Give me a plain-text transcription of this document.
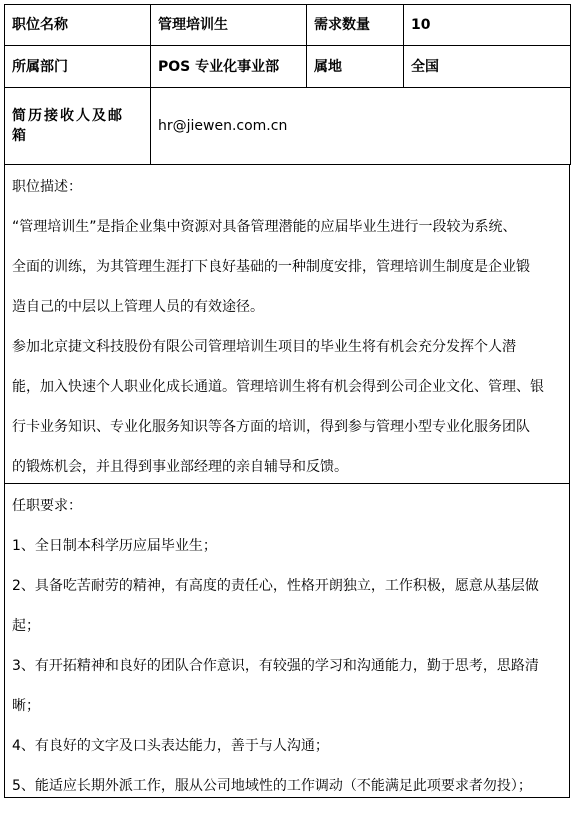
职位名称	管理培训生	需求数量	10
所属部门	POS 专业化事业部	属地	全国

简历接收人及邮
箱	hr@jiewen.com.cn		

职位描述：

“管理培训生”是指企业集中资源对具备管理潜能的应届毕业生进行一段较为系统、

全面的训练，为其管理生涯打下良好基础的一种制度安排，管理培训生制度是企业锻

造自己的中层以上管理人员的有效途径。

参加北京捷文科技股份有限公司管理培训生项目的毕业生将有机会充分发挥个人潜

能，加入快速个人职业化成长通道。管理培训生将有机会得到公司企业文化、管理、银

行卡业务知识、专业化服务知识等各方面的培训，得到参与管理小型专业化服务团队

的锻炼机会，并且得到事业部经理的亲自辅导和反馈。

任职要求：

1、全日制本科学历应届毕业生；

2、具备吃苦耐劳的精神，有高度的责任心，性格开朗独立，工作积极，愿意从基层做

起；

3、有开拓精神和良好的团队合作意识，有较强的学习和沟通能力，勤于思考，思路清

晰；

4、有良好的文字及口头表达能力，善于与人沟通；

5、能适应长期外派工作，服从公司地域性的工作调动（不能满足此项要求者勿投）；
